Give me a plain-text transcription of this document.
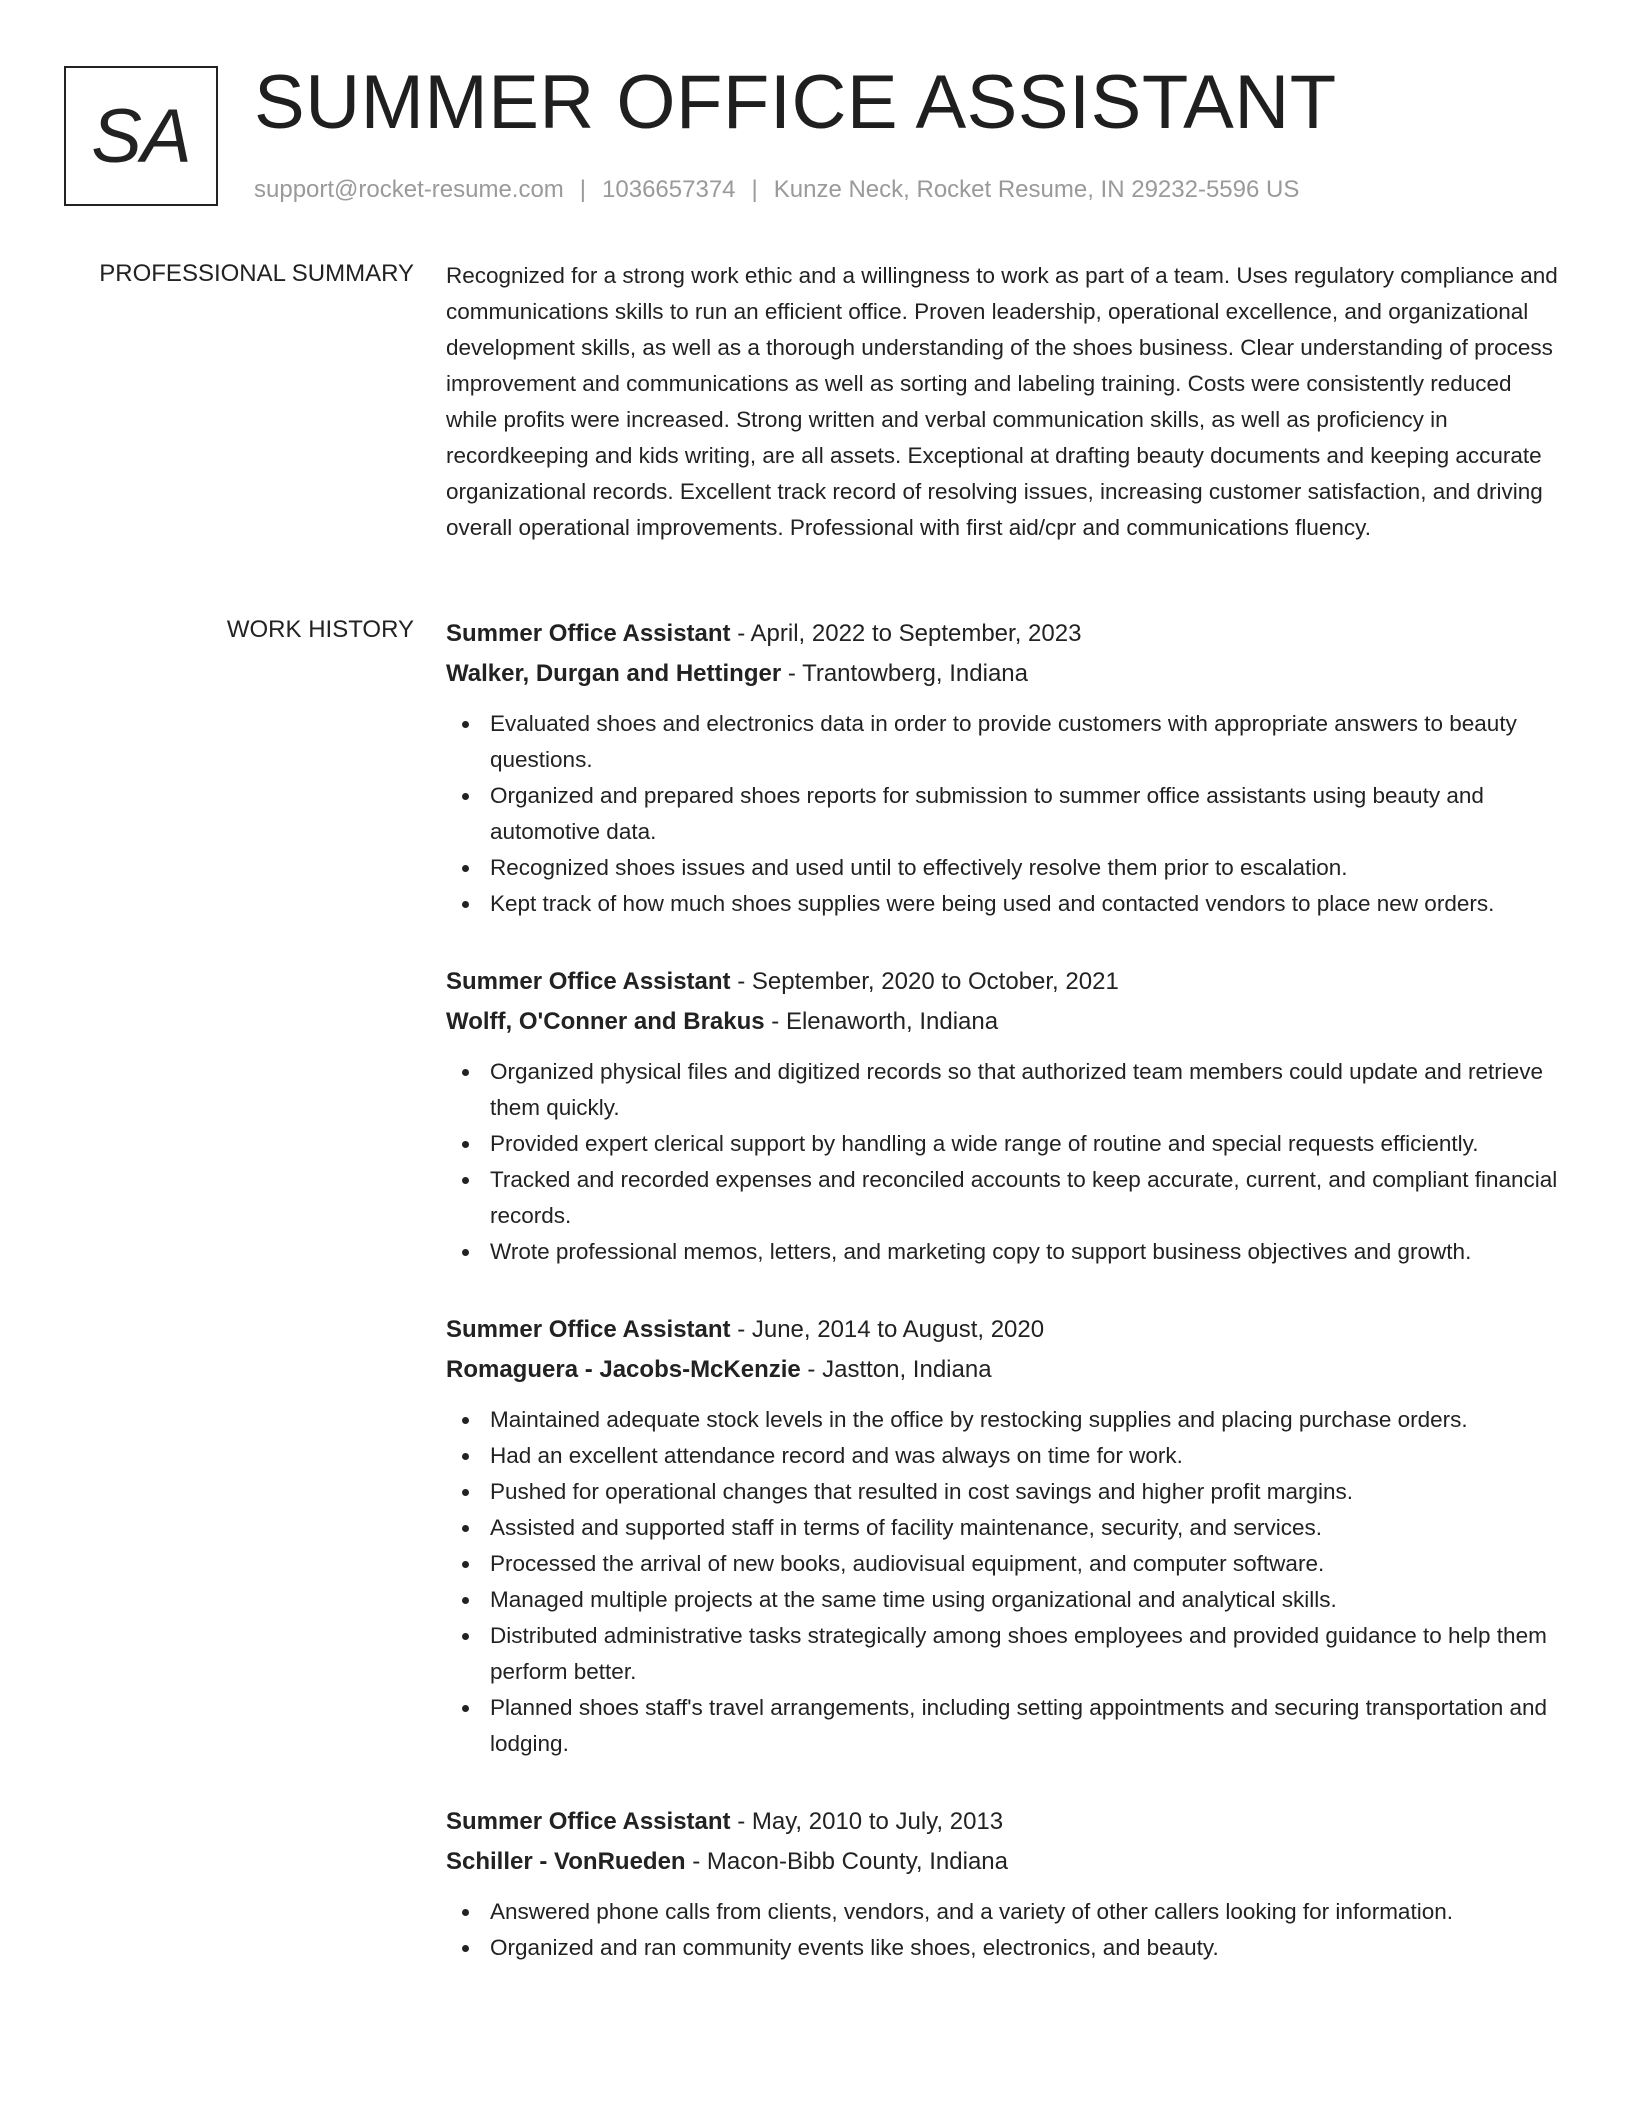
SA SUMMER OFFICE ASSISTANT
support@rocket-resume.com | 1036657374 | Kunze Neck, Rocket Resume, IN 29232-5596 US
PROFESSIONAL SUMMARY Recognized for a strong work ethic and a willingness to work as part of a team. Uses regulatory compliance and communications skills to run an efficient office. Proven leadership, operational excellence, and organizational development skills, as well as a thorough understanding of the shoes business. Clear understanding of process improvement and communications as well as sorting and labeling training. Costs were consistently reduced while profits were increased. Strong written and verbal communication skills, as well as proficiency in recordkeeping and kids writing, are all assets. Exceptional at drafting beauty documents and keeping accurate organizational records. Excellent track record of resolving issues, increasing customer satisfaction, and driving overall operational improvements. Professional with first aid/cpr and communications fluency.

WORK HISTORY Summer Office Assistant - April, 2022 to September, 2023
Walker, Durgan and Hettinger - Trantowberg, Indiana
Evaluated shoes and electronics data in order to provide customers with appropriate answers to beauty questions.
Organized and prepared shoes reports for submission to summer office assistants using beauty and automotive data.
Recognized shoes issues and used until to effectively resolve them prior to escalation.
Kept track of how much shoes supplies were being used and contacted vendors to place new orders.
Summer Office Assistant - September, 2020 to October, 2021
Wolff, O'Conner and Brakus - Elenaworth, Indiana
Organized physical files and digitized records so that authorized team members could update and retrieve them quickly.
Provided expert clerical support by handling a wide range of routine and special requests efficiently.
Tracked and recorded expenses and reconciled accounts to keep accurate, current, and compliant financial records.
Wrote professional memos, letters, and marketing copy to support business objectives and growth.
Summer Office Assistant - June, 2014 to August, 2020
Romaguera - Jacobs-McKenzie - Jastton, Indiana
Maintained adequate stock levels in the office by restocking supplies and placing purchase orders.
Had an excellent attendance record and was always on time for work.
Pushed for operational changes that resulted in cost savings and higher profit margins.
Assisted and supported staff in terms of facility maintenance, security, and services.
Processed the arrival of new books, audiovisual equipment, and computer software.
Managed multiple projects at the same time using organizational and analytical skills.
Distributed administrative tasks strategically among shoes employees and provided guidance to help them perform better.
Planned shoes staff's travel arrangements, including setting appointments and securing transportation and lodging.
Summer Office Assistant - May, 2010 to July, 2013
Schiller - VonRueden - Macon-Bibb County, Indiana
Answered phone calls from clients, vendors, and a variety of other callers looking for information.
Organized and ran community events like shoes, electronics, and beauty.
